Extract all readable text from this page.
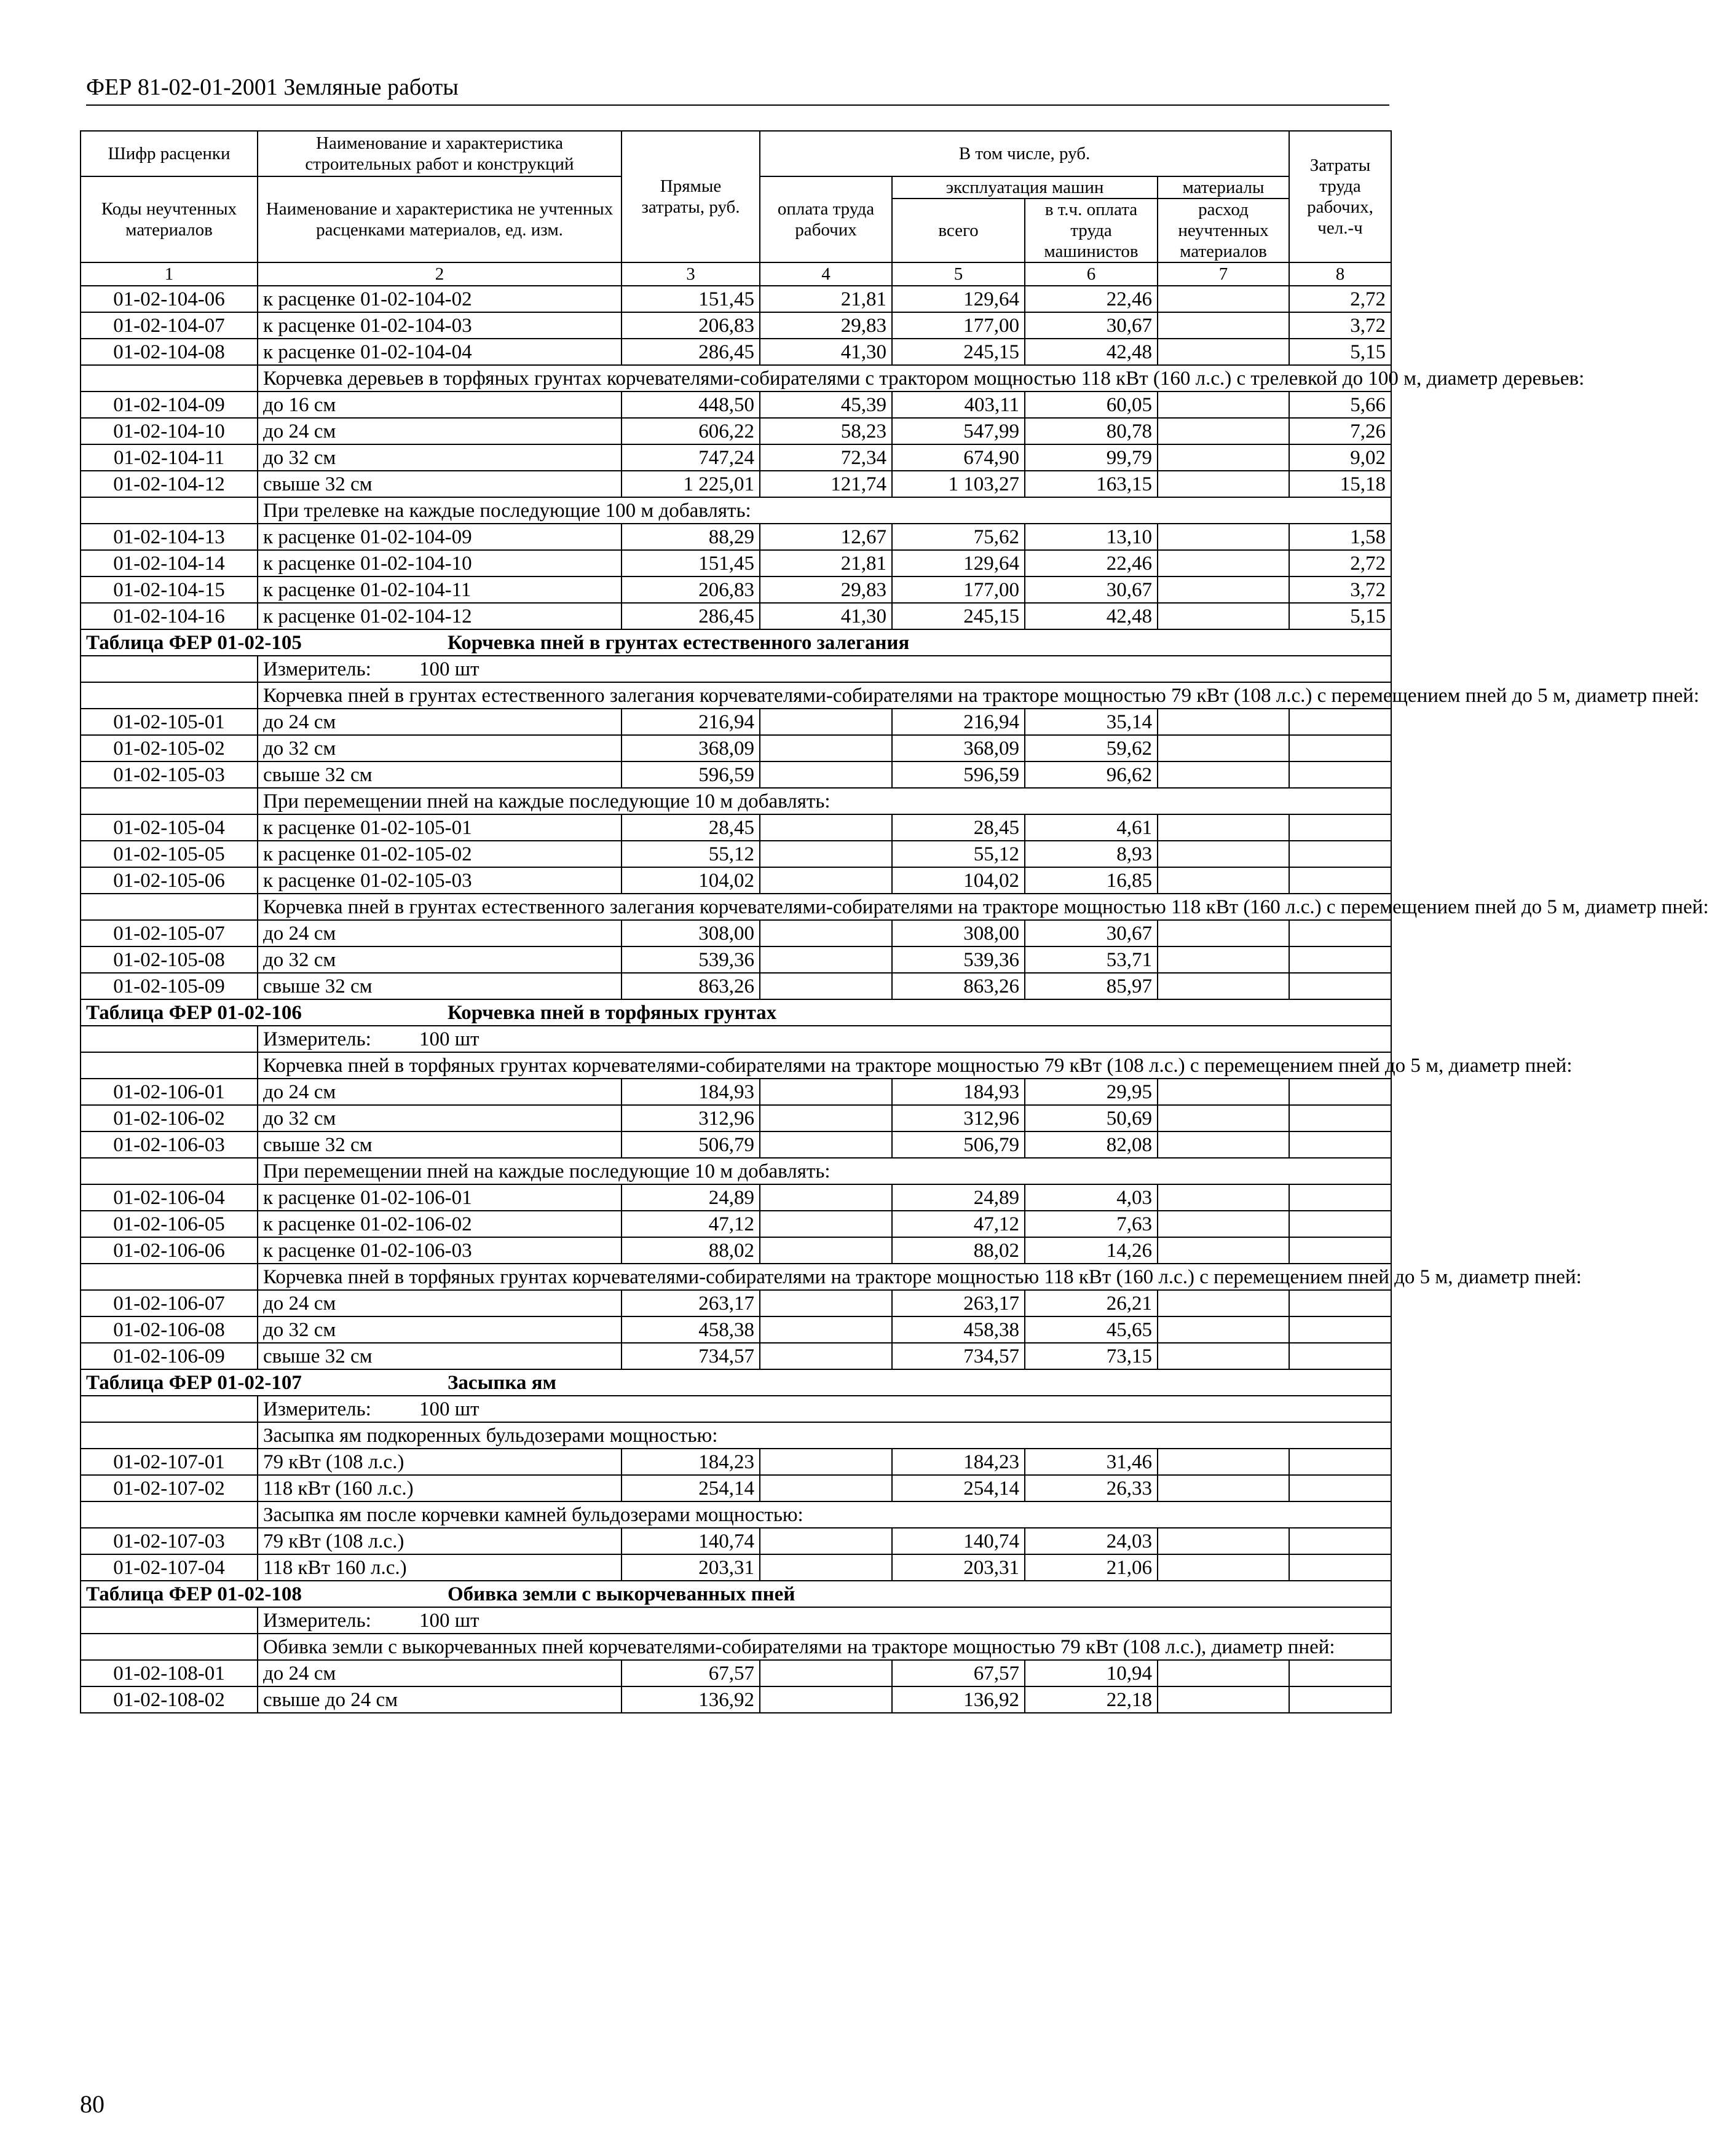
ФЕР 81-02-01-2001 Земляные работы
Шифр расценки	Наименование и характеристика строительных работ и конструкций	Прямые затраты, руб.	В том числе, руб.				Затраты труда рабочих, чел.-ч
Коды неучтенных материалов	Наименование и характеристика не учтенных расценками материалов, ед. изм.						
			оплата труда рабочих	эксплуатация машин		материалы	
				всего	в т.ч. оплата труда машинистов	расход неучтенных материалов	
1	2	3	4	5	6	7	8
01-02-104-06	к расценке 01-02-104-02	151,45	21,81	129,64	22,46		2,72
01-02-104-07	к расценке 01-02-104-03	206,83	29,83	177,00	30,67		3,72
01-02-104-08	к расценке 01-02-104-04	286,45	41,30	245,15	42,48		5,15
	Корчевка деревьев в торфяных грунтах корчевателями-собирателями с трактором мощностью 118 кВт (160 л.с.) с трелевкой до 100 м, диаметр деревьев:						
01-02-104-09	до 16 см	448,50	45,39	403,11	60,05		5,66
01-02-104-10	до 24 см	606,22	58,23	547,99	80,78		7,26
01-02-104-11	до 32 см	747,24	72,34	674,90	99,79		9,02
01-02-104-12	свыше 32 см	1 225,01	121,74	1 103,27	163,15		15,18
	При трелевке на каждые последующие 100 м добавлять:						
01-02-104-13	к расценке 01-02-104-09	88,29	12,67	75,62	13,10		1,58
01-02-104-14	к расценке 01-02-104-10	151,45	21,81	129,64	22,46		2,72
01-02-104-15	к расценке 01-02-104-11	206,83	29,83	177,00	30,67		3,72
01-02-104-16	к расценке 01-02-104-12	286,45	41,30	245,15	42,48		5,15
Таблица ФЕР 01-02-105 Корчевка пней в грунтах естественного залегания							
	Измеритель: 100 шт						
	Корчевка пней в грунтах естественного залегания корчевателями-собирателями на тракторе мощностью 79 кВт (108 л.с.) с перемещением пней до 5 м, диаметр пней:						
01-02-105-01	до 24 см	216,94		216,94	35,14		
01-02-105-02	до 32 см	368,09		368,09	59,62		
01-02-105-03	свыше 32 см	596,59		596,59	96,62		
	При перемещении пней на каждые последующие 10 м добавлять:						
01-02-105-04	к расценке 01-02-105-01	28,45		28,45	4,61		
01-02-105-05	к расценке 01-02-105-02	55,12		55,12	8,93		
01-02-105-06	к расценке 01-02-105-03	104,02		104,02	16,85		
	Корчевка пней в грунтах естественного залегания корчевателями-собирателями на тракторе мощностью 118 кВт (160 л.с.) с перемещением пней до 5 м, диаметр пней:						
01-02-105-07	до 24 см	308,00		308,00	30,67		
01-02-105-08	до 32 см	539,36		539,36	53,71		
01-02-105-09	свыше 32 см	863,26		863,26	85,97		
Таблица ФЕР 01-02-106 Корчевка пней в торфяных грунтах							
	Измеритель: 100 шт						
	Корчевка пней в торфяных грунтах корчевателями-собирателями на тракторе мощностью 79 кВт (108 л.с.) с перемещением пней до 5 м, диаметр пней:						
01-02-106-01	до 24 см	184,93		184,93	29,95		
01-02-106-02	до 32 см	312,96		312,96	50,69		
01-02-106-03	свыше 32 см	506,79		506,79	82,08		
	При перемещении пней на каждые последующие 10 м добавлять:						
01-02-106-04	к расценке 01-02-106-01	24,89		24,89	4,03		
01-02-106-05	к расценке 01-02-106-02	47,12		47,12	7,63		
01-02-106-06	к расценке 01-02-106-03	88,02		88,02	14,26		
	Корчевка пней в торфяных грунтах корчевателями-собирателями на тракторе мощностью 118 кВт (160 л.с.) с перемещением пней до 5 м, диаметр пней:						
01-02-106-07	до 24 см	263,17		263,17	26,21		
01-02-106-08	до 32 см	458,38		458,38	45,65		
01-02-106-09	свыше 32 см	734,57		734,57	73,15		
Таблица ФЕР 01-02-107 Засыпка ям							
	Измеритель: 100 шт						
	Засыпка ям подкоренных бульдозерами мощностью:						
01-02-107-01	79 кВт (108 л.с.)	184,23		184,23	31,46		
01-02-107-02	118 кВт (160 л.с.)	254,14		254,14	26,33		
	Засыпка ям после корчевки камней бульдозерами мощностью:						
01-02-107-03	79 кВт (108 л.с.)	140,74		140,74	24,03		
01-02-107-04	118 кВт 160 л.с.)	203,31		203,31	21,06		
Таблица ФЕР 01-02-108 Обивка земли с выкорчеванных пней							
	Измеритель: 100 шт						
	Обивка земли с выкорчеванных пней корчевателями-собирателями на тракторе мощностью 79 кВт (108 л.с.), диаметр пней:						
01-02-108-01	до 24 см	67,57		67,57	10,94		
01-02-108-02	свыше до 24 см	136,92		136,92	22,18		
80
